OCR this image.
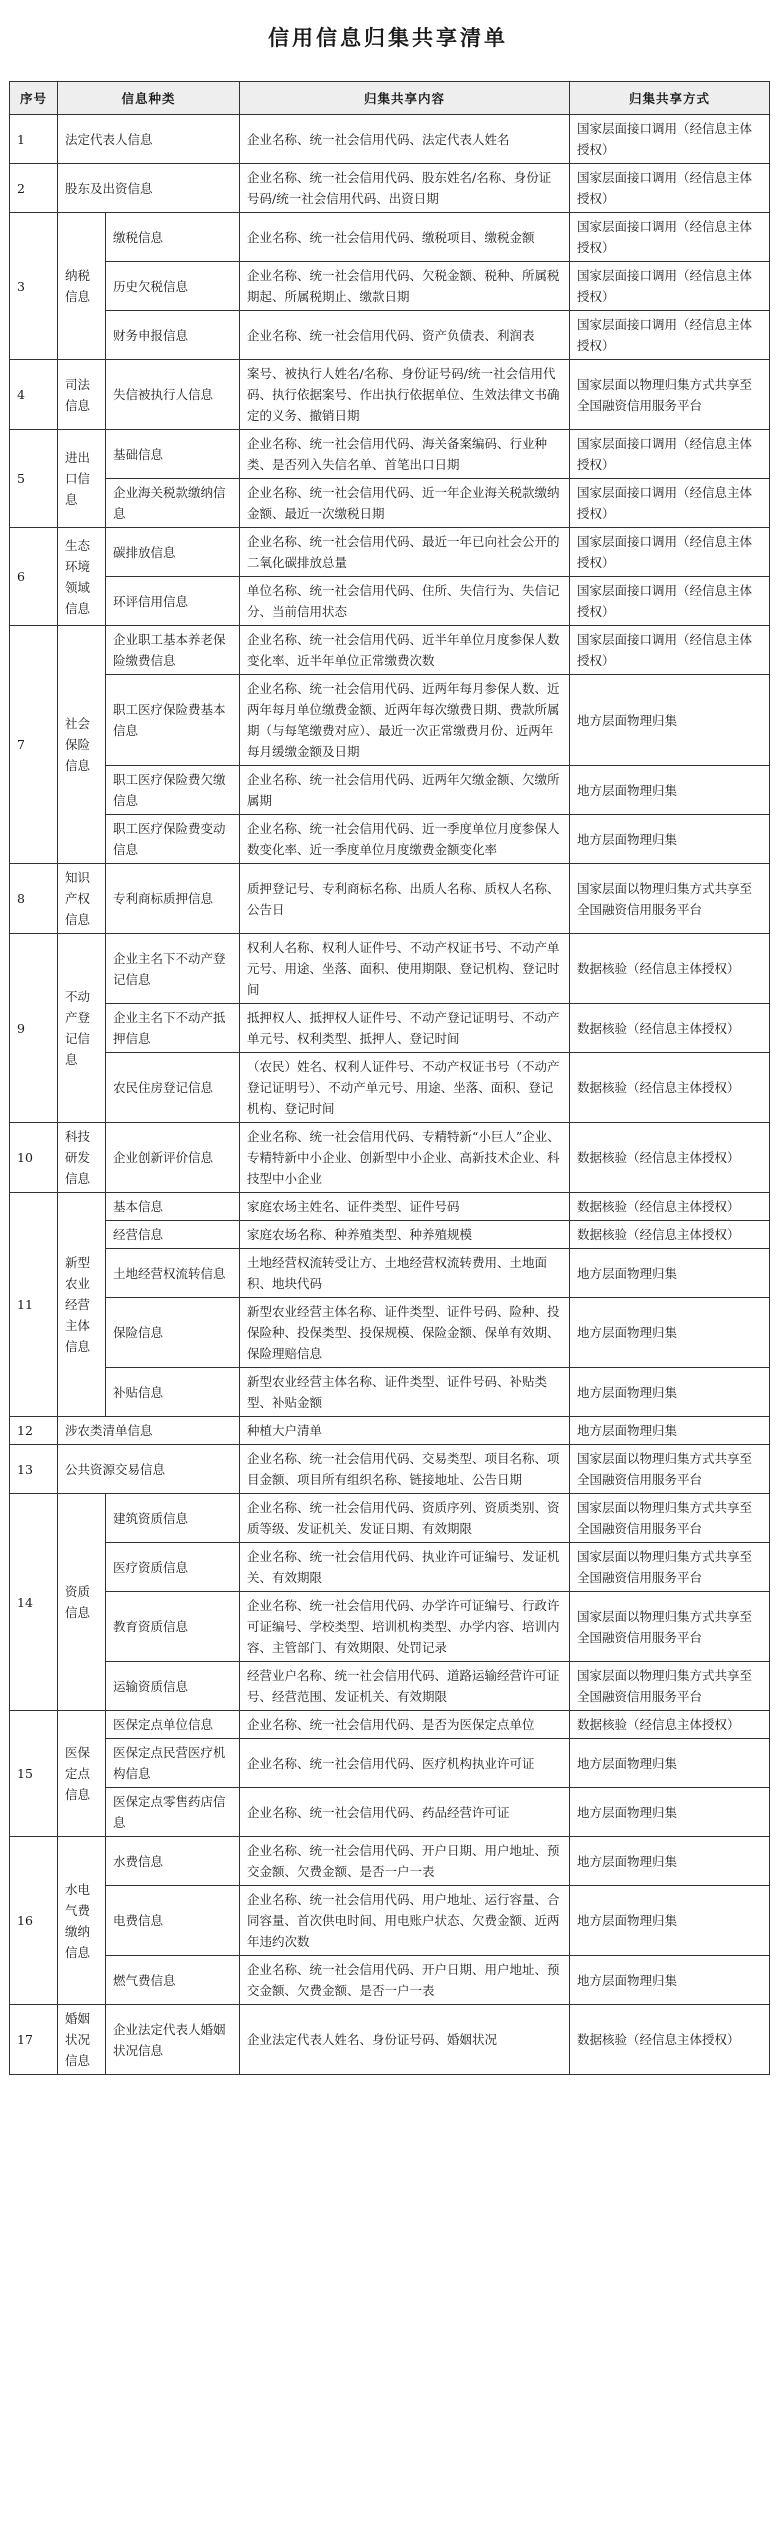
信用信息归集共享清单
序号	信息种类		归集共享内容	归集共享方式
1	法定代表人信息		企业名称、统一社会信用代码、法定代表人姓名	国家层面接口调用（经信息主体授权）
2	股东及出资信息		企业名称、统一社会信用代码、股东姓名/名称、身份证号码/统一社会信用代码、出资日期	国家层面接口调用（经信息主体授权）
3	纳税信息	缴税信息	企业名称、统一社会信用代码、缴税项目、缴税金额	国家层面接口调用（经信息主体授权）
		历史欠税信息	企业名称、统一社会信用代码、欠税金额、税种、所属税期起、所属税期止、缴款日期	国家层面接口调用（经信息主体授权）
		财务申报信息	企业名称、统一社会信用代码、资产负债表、利润表	国家层面接口调用（经信息主体授权）
4	司法信息	失信被执行人信息	案号、被执行人姓名/名称、身份证号码/统一社会信用代码、执行依据案号、作出执行依据单位、生效法律文书确定的义务、撤销日期	国家层面以物理归集方式共享至全国融资信用服务平台
5	进出口信息	基础信息	企业名称、统一社会信用代码、海关备案编码、行业种类、是否列入失信名单、首笔出口日期	国家层面接口调用（经信息主体授权）
		企业海关税款缴纳信息	企业名称、统一社会信用代码、近一年企业海关税款缴纳金额、最近一次缴税日期	国家层面接口调用（经信息主体授权）
6	生态环境领域信息	碳排放信息	企业名称、统一社会信用代码、最近一年已向社会公开的二氧化碳排放总量	国家层面接口调用（经信息主体授权）
		环评信用信息	单位名称、统一社会信用代码、住所、失信行为、失信记分、当前信用状态	国家层面接口调用（经信息主体授权）
7	社会保险信息	企业职工基本养老保险缴费信息	企业名称、统一社会信用代码、近半年单位月度参保人数变化率、近半年单位正常缴费次数	国家层面接口调用（经信息主体授权）
		职工医疗保险费基本信息	企业名称、统一社会信用代码、近两年每月参保人数、近两年每月单位缴费金额、近两年每次缴费日期、费款所属期（与每笔缴费对应）、最近一次正常缴费月份、近两年每月缓缴金额及日期	地方层面物理归集
		职工医疗保险费欠缴信息	企业名称、统一社会信用代码、近两年欠缴金额、欠缴所属期	地方层面物理归集
		职工医疗保险费变动信息	企业名称、统一社会信用代码、近一季度单位月度参保人数变化率、近一季度单位月度缴费金额变化率	地方层面物理归集
8	知识产权信息	专利商标质押信息	质押登记号、专利商标名称、出质人名称、质权人名称、公告日	国家层面以物理归集方式共享至全国融资信用服务平台
9	不动产登记信息	企业主名下不动产登记信息	权利人名称、权利人证件号、不动产权证书号、不动产单元号、用途、坐落、面积、使用期限、登记机构、登记时间	数据核验（经信息主体授权）
		企业主名下不动产抵押信息	抵押权人、抵押权人证件号、不动产登记证明号、不动产单元号、权利类型、抵押人、登记时间	数据核验（经信息主体授权）
		农民住房登记信息	（农民）姓名、权利人证件号、不动产权证书号（不动产登记证明号）、不动产单元号、用途、坐落、面积、登记机构、登记时间	数据核验（经信息主体授权）
10	科技研发信息	企业创新评价信息	企业名称、统一社会信用代码、专精特新“小巨人”企业、专精特新中小企业、创新型中小企业、高新技术企业、科技型中小企业	数据核验（经信息主体授权）
11	新型农业经营主体信息	基本信息	家庭农场主姓名、证件类型、证件号码	数据核验（经信息主体授权）
		经营信息	家庭农场名称、种养殖类型、种养殖规模	数据核验（经信息主体授权）
		土地经营权流转信息	土地经营权流转受让方、土地经营权流转费用、土地面积、地块代码	地方层面物理归集
		保险信息	新型农业经营主体名称、证件类型、证件号码、险种、投保险种、投保类型、投保规模、保险金额、保单有效期、保险理赔信息	地方层面物理归集
		补贴信息	新型农业经营主体名称、证件类型、证件号码、补贴类型、补贴金额	地方层面物理归集
12	涉农类清单信息		种植大户清单	地方层面物理归集
13	公共资源交易信息		企业名称、统一社会信用代码、交易类型、项目名称、项目金额、项目所有组织名称、链接地址、公告日期	国家层面以物理归集方式共享至全国融资信用服务平台
14	资质信息	建筑资质信息	企业名称、统一社会信用代码、资质序列、资质类别、资质等级、发证机关、发证日期、有效期限	国家层面以物理归集方式共享至全国融资信用服务平台
		医疗资质信息	企业名称、统一社会信用代码、执业许可证编号、发证机关、有效期限	国家层面以物理归集方式共享至全国融资信用服务平台
		教育资质信息	企业名称、统一社会信用代码、办学许可证编号、行政许可证编号、学校类型、培训机构类型、办学内容、培训内容、主管部门、有效期限、处罚记录	国家层面以物理归集方式共享至全国融资信用服务平台
		运输资质信息	经营业户名称、统一社会信用代码、道路运输经营许可证号、经营范围、发证机关、有效期限	国家层面以物理归集方式共享至全国融资信用服务平台
15	医保定点信息	医保定点单位信息	企业名称、统一社会信用代码、是否为医保定点单位	数据核验（经信息主体授权）
		医保定点民营医疗机构信息	企业名称、统一社会信用代码、医疗机构执业许可证	地方层面物理归集
		医保定点零售药店信息	企业名称、统一社会信用代码、药品经营许可证	地方层面物理归集
16	水电气费缴纳信息	水费信息	企业名称、统一社会信用代码、开户日期、用户地址、预交金额、欠费金额、是否一户一表	地方层面物理归集
		电费信息	企业名称、统一社会信用代码、用户地址、运行容量、合同容量、首次供电时间、用电账户状态、欠费金额、近两年违约次数	地方层面物理归集
		燃气费信息	企业名称、统一社会信用代码、开户日期、用户地址、预交金额、欠费金额、是否一户一表	地方层面物理归集
17	婚姻状况信息	企业法定代表人婚姻状况信息	企业法定代表人姓名、身份证号码、婚姻状况	数据核验（经信息主体授权）
